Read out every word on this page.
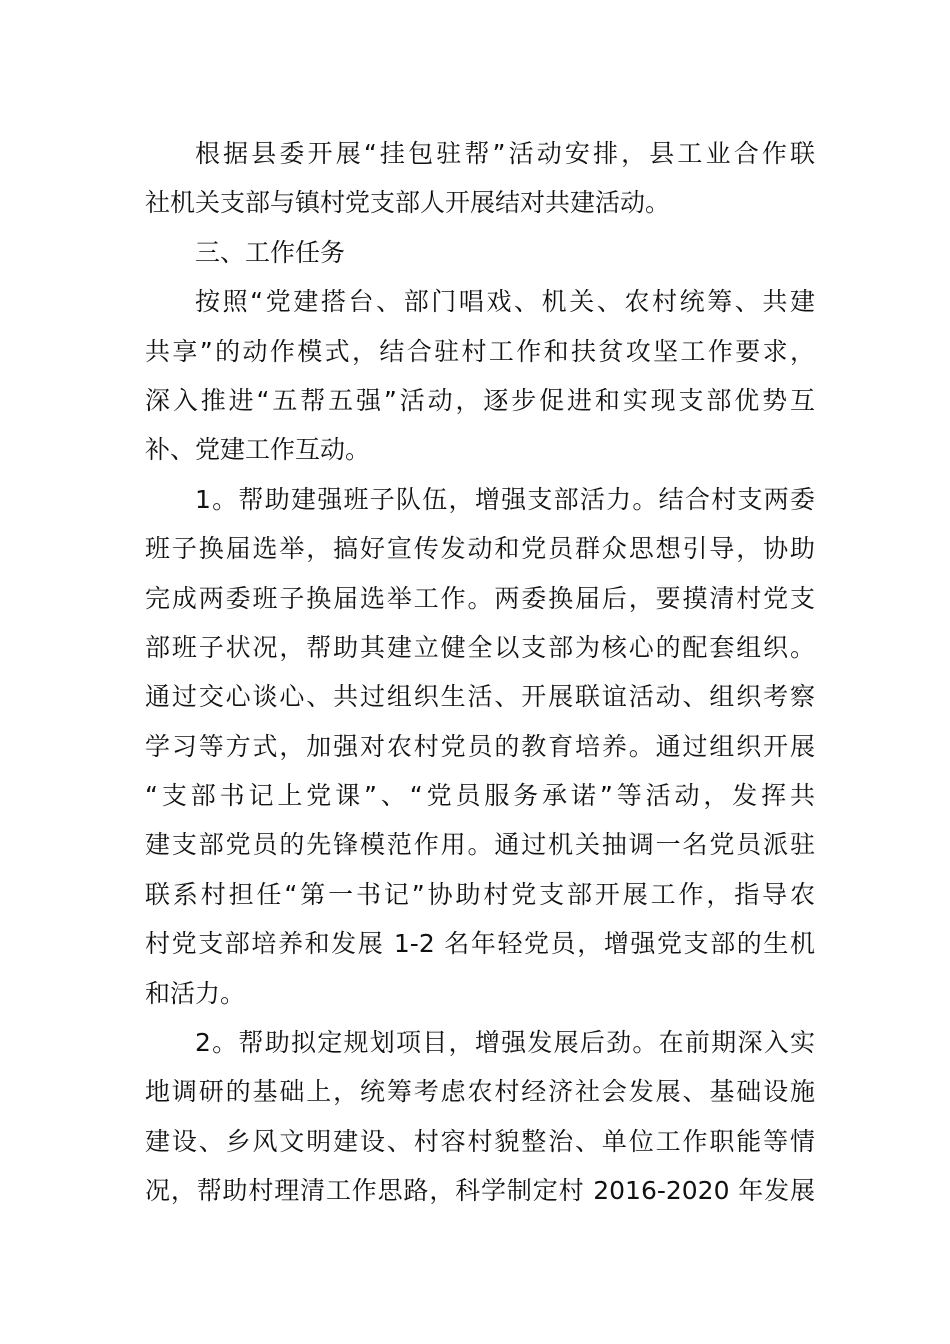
根据县委开展“挂包驻帮”活动安排，县工业合作联
社机关支部与镇村党支部人开展结对共建活动。
三、工作任务
按照“党建搭台、部门唱戏、机关、农村统筹、共建
共享”的动作模式，结合驻村工作和扶贫攻坚工作要求，
深入推进“五帮五强”活动，逐步促进和实现支部优势互
补、党建工作互动。
1。帮助建强班子队伍，增强支部活力。结合村支两委
班子换届选举，搞好宣传发动和党员群众思想引导，协助
完成两委班子换届选举工作。两委换届后，要摸清村党支
部班子状况，帮助其建立健全以支部为核心的配套组织。
通过交心谈心、共过组织生活、开展联谊活动、组织考察
学习等方式，加强对农村党员的教育培养。通过组织开展
“支部书记上党课”、“党员服务承诺”等活动，发挥共
建支部党员的先锋模范作用。通过机关抽调一名党员派驻
联系村担任“第一书记”协助村党支部开展工作，指导农
村党支部培养和发展 1-2 名年轻党员，增强党支部的生机
和活力。
2。帮助拟定规划项目，增强发展后劲。在前期深入实
地调研的基础上，统筹考虑农村经济社会发展、基础设施
建设、乡风文明建设、村容村貌整治、单位工作职能等情
况，帮助村理清工作思路，科学制定村 2016-2020 年发展
